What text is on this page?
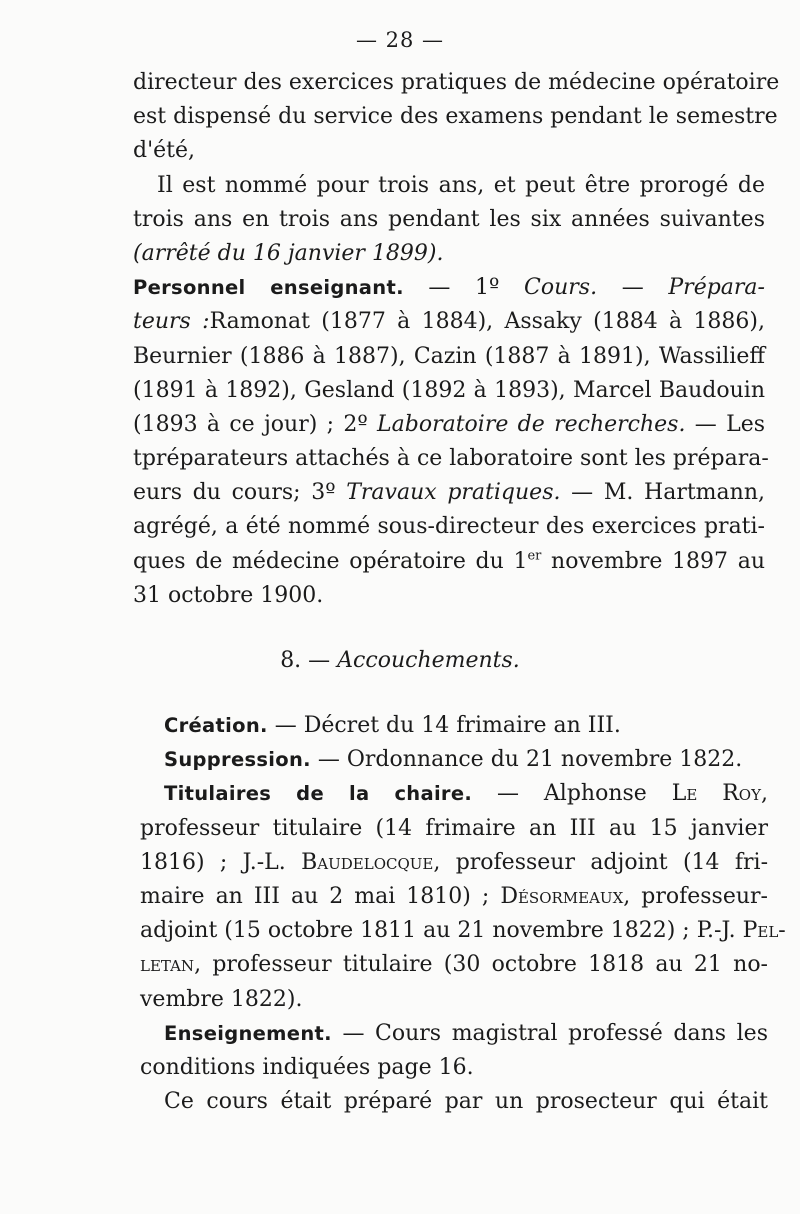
— 28 —
directeur des exercices pratiques de médecine opératoire
est dispensé du service des examens pendant le semestre
d'été,
Il est nommé pour trois ans, et peut être prorogé de
trois ans en trois ans pendant les six années suivantes
(arrêté du 16 janvier 1899).
Personnel enseignant. — 1º Cours. — Prépara-
teurs :Ramonat (1877 à 1884), Assaky (1884 à 1886),
Beurnier (1886 à 1887), Cazin (1887 à 1891), Wassilieff
(1891 à 1892), Gesland (1892 à 1893), Marcel Baudouin
(1893 à ce jour) ; 2º Laboratoire de recherches. — Les
tpréparateurs attachés à ce laboratoire sont les prépara-
eurs du cours; 3º Travaux pratiques. — M. Hartmann,
agrégé, a été nommé sous-directeur des exercices prati-
ques de médecine opératoire du 1er novembre 1897 au
31 octobre 1900.
8. — Accouchements.
Création. — Décret du 14 frimaire an III.
Suppression. — Ordonnance du 21 novembre 1822.
Titulaires de la chaire. — Alphonse Le Roy,
professeur titulaire (14 frimaire an III au 15 janvier
1816) ; J.-L. Baudelocque, professeur adjoint (14 fri-
maire an III au 2 mai 1810) ; Désormeaux, professeur-
adjoint (15 octobre 1811 au 21 novembre 1822) ; P.-J. Pel-
letan, professeur titulaire (30 octobre 1818 au 21 no-
vembre 1822).
Enseignement. — Cours magistral professé dans les
conditions indiquées page 16.
Ce cours était préparé par un prosecteur qui était
